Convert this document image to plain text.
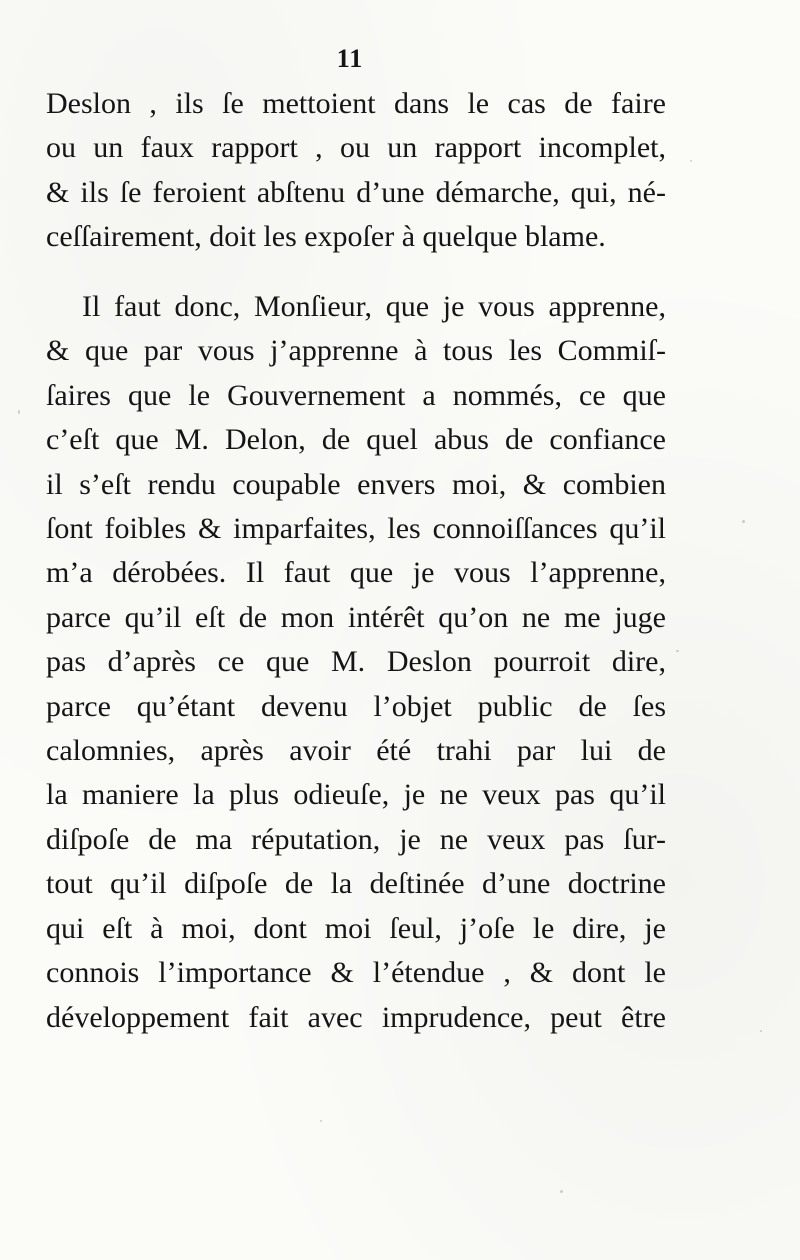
11
Deslon , ils ſe mettoient dans le cas de faire
ou un faux rapport , ou un rapport incomplet,
& ils ſe feroient abſtenu d’une démarche, qui, né-
ceſſairement, doit les expoſer à quelque blame.
Il faut donc, Monſieur, que je vous apprenne,
& que par vous j’apprenne à tous les Commiſ-
ſaires que le Gouvernement a nommés, ce que
c’eſt que M. Delon, de quel abus de confiance
il s’eſt rendu coupable envers moi, & combien
ſont foibles & imparfaites, les connoiſſances qu’il
m’a dérobées. Il faut que je vous l’apprenne,
parce qu’il eſt de mon intérêt qu’on ne me juge
pas d’après ce que M. Deslon pourroit dire,
parce qu’étant devenu l’objet public de ſes
calomnies, après avoir été trahi par lui de
la maniere la plus odieuſe, je ne veux pas qu’il
diſpoſe de ma réputation, je ne veux pas ſur-
tout qu’il diſpoſe de la deſtinée d’une doctrine
qui eſt à moi, dont moi ſeul, j’oſe le dire, je
connois l’importance & l’étendue , & dont le
développement fait avec imprudence, peut être
